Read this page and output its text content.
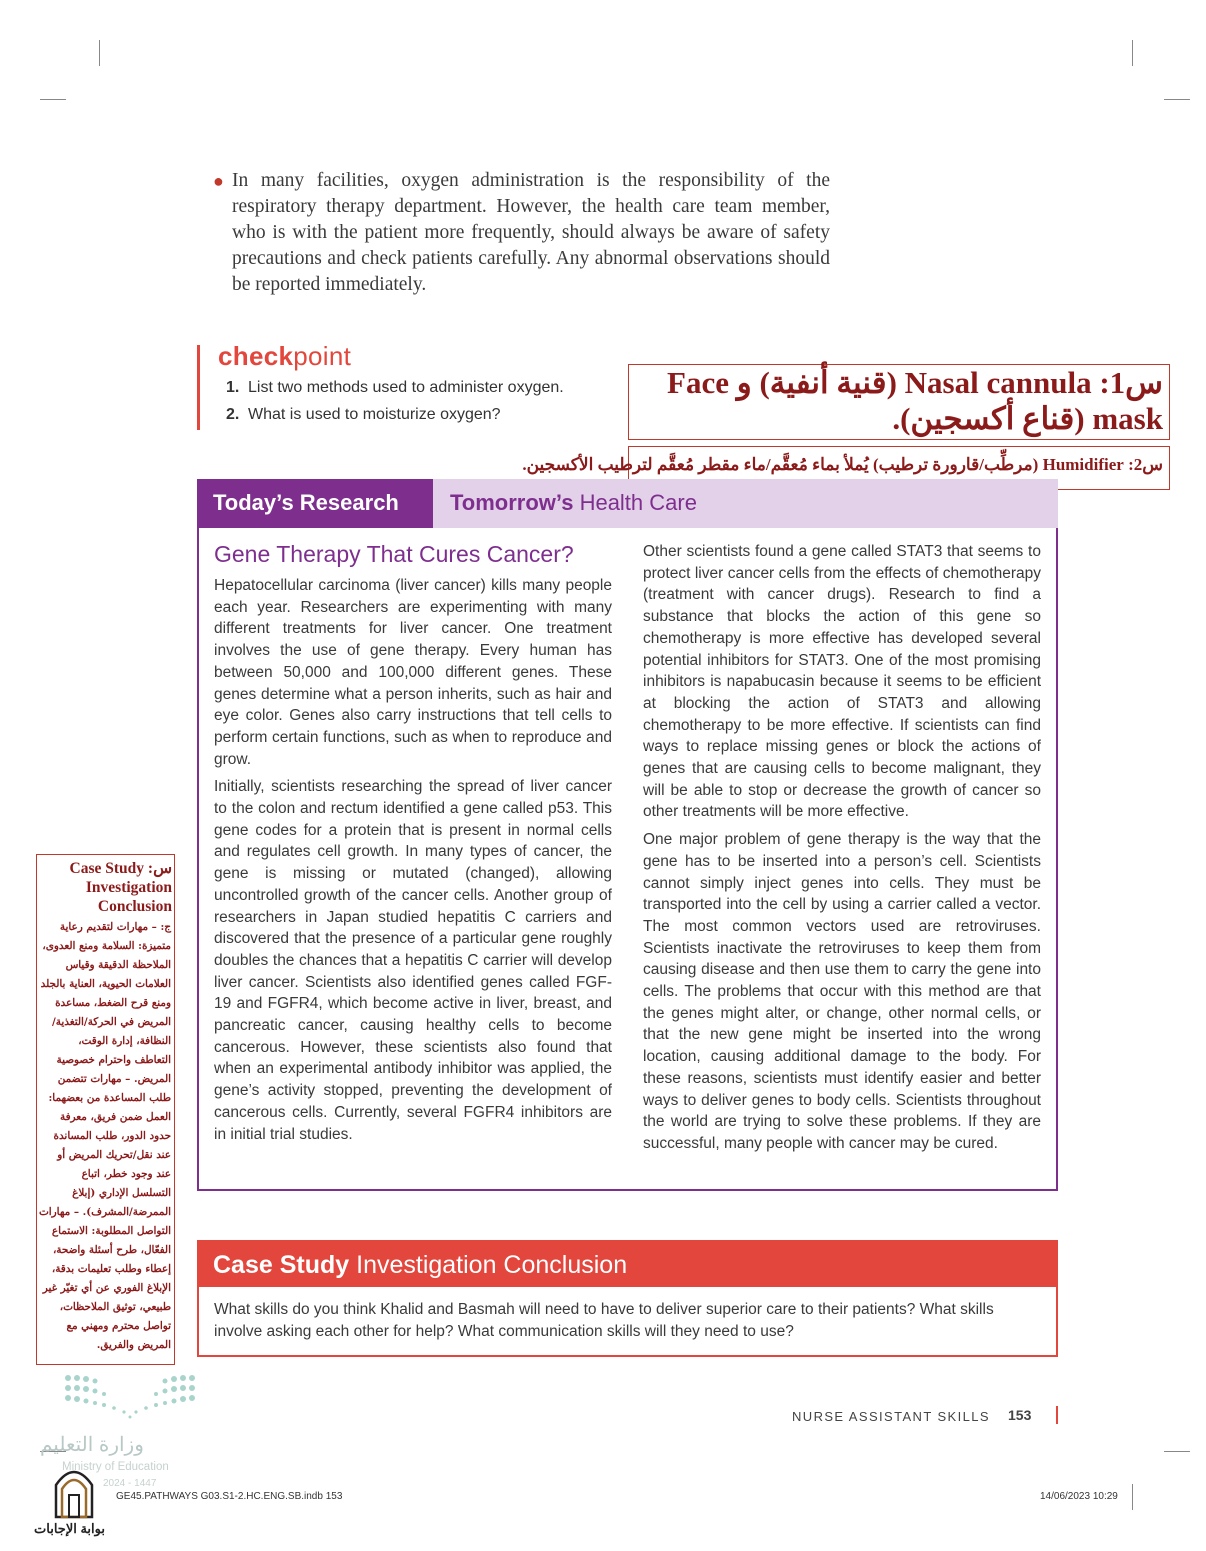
● In many facilities, oxygen administration is the responsibility of the respiratory therapy department. However, the health care team member, who is with the patient more frequently, should always be aware of safety precautions and check patients carefully. Any abnormal observations should be reported immediately.
checkpoint
1. List two methods used to administer oxygen.
2. What is used to moisturize oxygen?
س1: Nasal cannula (قنية أنفية) و Face
mask (قناع أكسجين).
س2: Humidifier (مرطِّب/قارورة ترطيب) يُملأ بماء مُعقَّم/ماء مقطر مُعقَّم لترطيب الأكسجين.
Today’s Research Tomorrow’s Health Care
Gene Therapy That Cures Cancer?

Hepatocellular carcinoma (liver cancer) kills many people each year. Researchers are experimenting with many different treatments for liver cancer. One treatment involves the use of gene therapy. Every human has between 50,000 and 100,000 different genes. These genes determine what a person inherits, such as hair and eye color. Genes also carry instructions that tell cells to perform certain functions, such as when to reproduce and grow.

Initially, scientists researching the spread of liver cancer to the colon and rectum identified a gene called p53. This gene codes for a protein that is present in normal cells and regulates cell growth. In many types of cancer, the gene is missing or mutated (changed), allowing uncontrolled growth of the cancer cells. Another group of researchers in Japan studied hepatitis C carriers and discovered that the presence of a particular gene roughly doubles the chances that a hepatitis C carrier will develop liver cancer. Scientists also identified genes called FGF-19 and FGFR4, which become active in liver, breast, and pancreatic cancer, causing healthy cells to become cancerous. However, these scientists also found that when an experimental antibody inhibitor was applied, the gene’s activity stopped, preventing the development of cancerous cells. Currently, several FGFR4 inhibitors are in initial trial studies.

Other scientists found a gene called STAT3 that seems to protect liver cancer cells from the effects of chemotherapy (treatment with cancer drugs). Research to find a substance that blocks the action of this gene so chemotherapy is more effective has developed several potential inhibitors for STAT3. One of the most promising inhibitors is napabucasin because it seems to be efficient at blocking the action of STAT3 and allowing chemotherapy to be more effective. If scientists can find ways to replace missing genes or block the actions of genes that are causing cells to become malignant, they will be able to stop or decrease the growth of cancer so other treatments will be more effective.

One major problem of gene therapy is the way that the gene has to be inserted into a person’s cell. Scientists cannot simply inject genes into cells. They must be transported into the cell by using a carrier called a vector. The most common vectors used are retroviruses. Scientists inactivate the retroviruses to keep them from causing disease and then use them to carry the gene into cells. The problems that occur with this method are that the genes might alter, or change, other normal cells, or that the new gene might be inserted into the wrong location, causing additional damage to the body. For these reasons, scientists must identify easier and better ways to deliver genes to body cells. Scientists throughout the world are trying to solve these problems. If they are successful, many people with cancer may be cured.

Case Study Investigation Conclusion
What skills do you think Khalid and Basmah will need to have to deliver superior care to their patients? What skills involve asking each other for help? What communication skills will they need to use?
س: Case Study Investigation Conclusion
ج: – مهارات لتقديم رعاية متميزة: السلامة ومنع العدوى، الملاحظة الدقيقة وقياس العلامات الحيوية، العناية بالجلد ومنع قرح الضغط، مساعدة المريض في الحركة/التغذية/النظافة، إدارة الوقت، التعاطف واحترام خصوصية المريض. – مهارات تتضمن طلب المساعدة من بعضهما: العمل ضمن فريق، معرفة حدود الدور، طلب المساندة عند نقل/تحريك المريض أو عند وجود خطر، اتباع التسلسل الإداري (إبلاغ الممرضة/المشرف). – مهارات التواصل المطلوبة: الاستماع الفعّال، طرح أسئلة واضحة، إعطاء وطلب تعليمات بدقة، الإبلاغ الفوري عن أي تغيّر غير طبيعي، توثيق الملاحظات، تواصل محترم ومهني مع المريض والفريق.
NURSE ASSISTANT SKILLS 153
GE45.PATHWAYS G03.S1-2.HC.ENG.SB.indb 153	14/06/2023 10:29
وزارة التعليم
Ministry of Education
2024 - 1447
بوابة الإجابات
